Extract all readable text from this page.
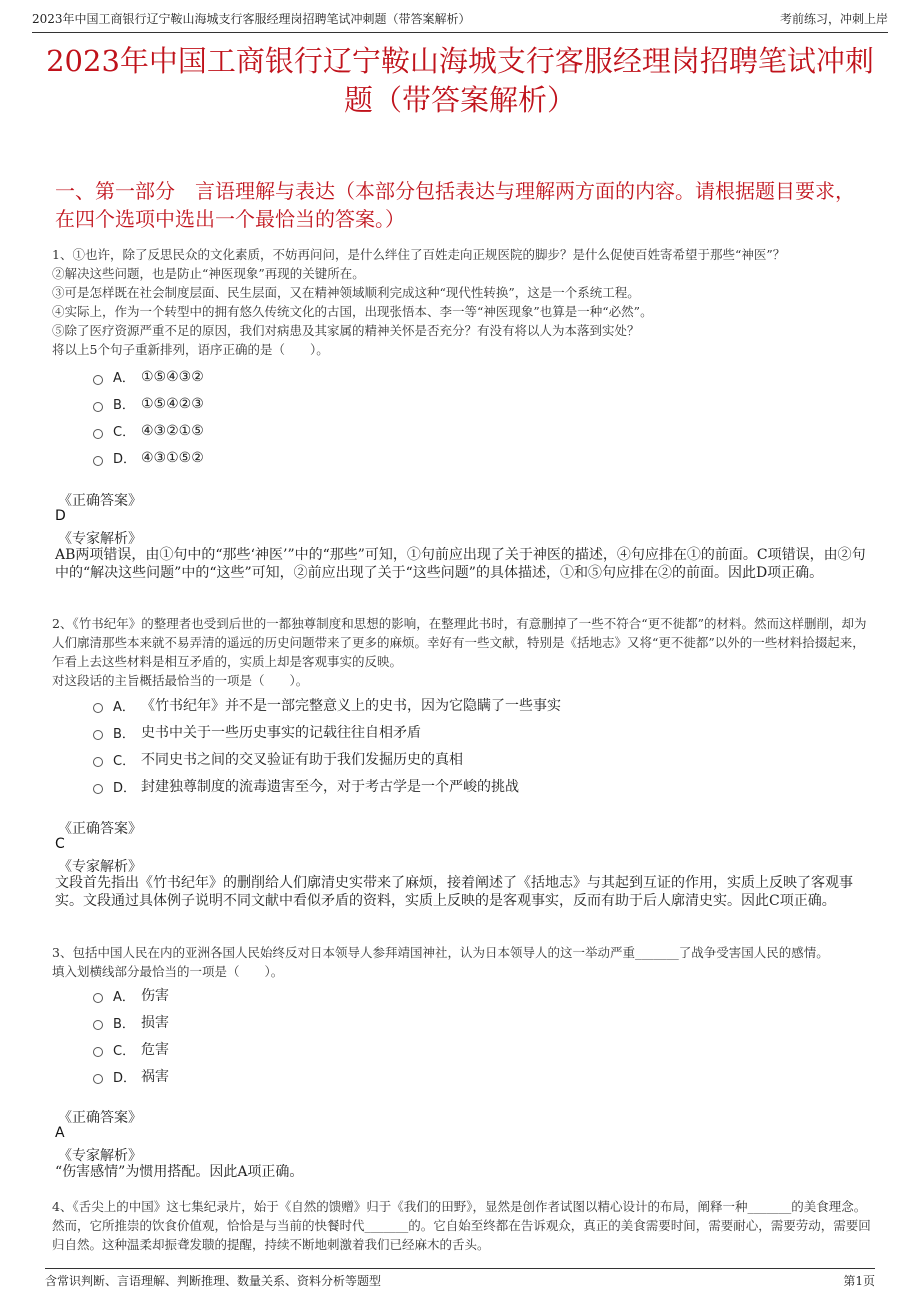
2023年中国工商银行辽宁鞍山海城支行客服经理岗招聘笔试冲刺题（带答案解析）	考前练习，冲刺上岸
2023年中国工商银行辽宁鞍山海城支行客服经理岗招聘笔试冲刺题（带答案解析）
一、第一部分　言语理解与表达（本部分包括表达与理解两方面的内容。请根据题目要求，在四个选项中选出一个最恰当的答案。）

1、①也许，除了反思民众的文化素质，不妨再问问，是什么绊住了百姓走向正规医院的脚步？是什么促使百姓寄希望于那些“神医”？

②解决这些问题，也是防止“神医现象”再现的关键所在。

③可是怎样既在社会制度层面、民生层面，又在精神领域顺利完成这种“现代性转换”，这是一个系统工程。

④实际上，作为一个转型中的拥有悠久传统文化的古国，出现张悟本、李一等“神医现象”也算是一种“必然”。

⑤除了医疗资源严重不足的原因，我们对病患及其家属的精神关怀是否充分？有没有将以人为本落到实处？

将以上5个句子重新排列，语序正确的是（　　）。

A． ①⑤④③②
B． ①⑤④②③
C． ④③②①⑤
D． ④③①⑤②
《正确答案》
D
《专家解析》
AB两项错误，由①句中的“那些‘神医’”中的“那些”可知，①句前应出现了关于神医的描述，④句应排在①的前面。C项错误，由②句中的“解决这些问题”中的“这些”可知，②前应出现了关于“这些问题”的具体描述，①和⑤句应排在②的前面。因此D项正确。

2、《竹书纪年》的整理者也受到后世的一都独尊制度和思想的影响，在整理此书时，有意删掉了一些不符合“更不徙都”的材料。然而这样删削，却为人们廓清那些本来就不易弄清的遥远的历史问题带来了更多的麻烦。幸好有一些文献，特别是《括地志》又将“更不徙都”以外的一些材料拾掇起来，乍看上去这些材料是相互矛盾的，实质上却是客观事实的反映。

对这段话的主旨概括最恰当的一项是（　　）。

A． 《竹书纪年》并不是一部完整意义上的史书，因为它隐瞒了一些事实
B． 史书中关于一些历史事实的记载往往自相矛盾
C． 不同史书之间的交叉验证有助于我们发掘历史的真相
D． 封建独尊制度的流毒遗害至今，对于考古学是一个严峻的挑战
《正确答案》
C
《专家解析》
文段首先指出《竹书纪年》的删削给人们廓清史实带来了麻烦，接着阐述了《括地志》与其起到互证的作用，实质上反映了客观事实。文段通过具体例子说明不同文献中看似矛盾的资料，实质上反映的是客观事实，反而有助于后人廓清史实。因此C项正确。

3、包括中国人民在内的亚洲各国人民始终反对日本领导人参拜靖国神社，认为日本领导人的这一举动严重_______了战争受害国人民的感情。

填入划横线部分最恰当的一项是（　　）。

A． 伤害
B． 损害
C． 危害
D． 祸害
《正确答案》
A
《专家解析》
“伤害感情”为惯用搭配。因此A项正确。

4、《舌尖上的中国》这七集纪录片，始于《自然的馈赠》归于《我们的田野》，显然是创作者试图以精心设计的布局，阐释一种_______的美食理念。然而，它所推崇的饮食价值观，恰恰是与当前的快餐时代_______的。它自始至终都在告诉观众，真正的美食需要时间，需要耐心，需要劳动，需要回归自然。这种温柔却振聋发聩的提醒，持续不断地刺激着我们已经麻木的舌头。

含常识判断、言语理解、判断推理、数量关系、资料分析等题型	第1页
